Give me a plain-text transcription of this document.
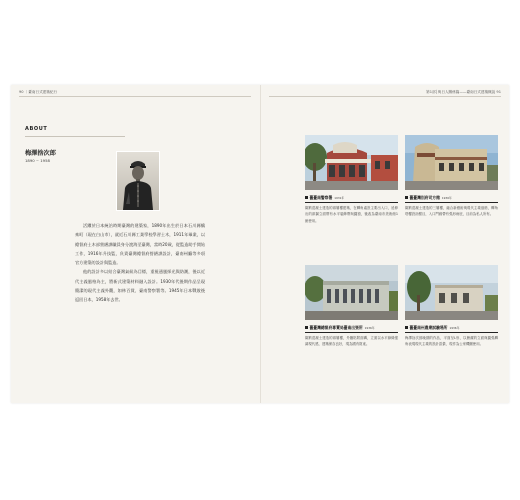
90 ｜臺南日式建築紀行	第1部│與日人關係篇——臺南日式建築概說 91
ABOUT
梅澤捨次郎
1890 ~ 1958

活躍於日本統治時期臺灣的建築家，1890年出生於日本石川縣鶴來町（現在白山市），就近石川縣工業學校學習土木，1911年畢業，以總督府土木部營繕課職員身分渡海至臺灣，當時20歲，從監造助手開始工作，1916年升技監，負責臺灣總督府營繕課設計，臺南州廳等多項官方建築的設計與監造。

他的設計多以結合臺灣氣候為目標，重視通風採光與防潮，後以近代主義風格為主，將新式建築材料融入設計。1930年代後期作品呈現簡潔的現代主義外觀，如林百貨、臺南警察署等。1945年日本戰敗後返回日本，1958年去世。

舊臺南警察署 1931年
鋼筋混凝土建造的兩層樓建築，在轉角處設主要出入口，延伸出的兩翼立面帶有水平裝飾帶與圓窗，後改為臺南市美術館1館使用。
舊臺灣別府司方館 1936年
鋼筋混凝土建造的三層樓，融合新藝術與現代主義風格，轉角塔樓設計醒目，入口門廊帶有弧形雨庇，目前為私人所有。
舊臺灣總督府專賣局臺南出張所 1936年
鋼筋混凝土建造的兩層樓，外牆貼附面磚，立面以水平線條強調現代感，建築保存良好，現為國有財產。
舊臺南州農業試驗場所 1936年
梅澤捨次郎晚期的作品，平面呈L形，以簡潔的立面與圓弧轉角表現現代主義的設計語彙，現作為公家機關使用。
